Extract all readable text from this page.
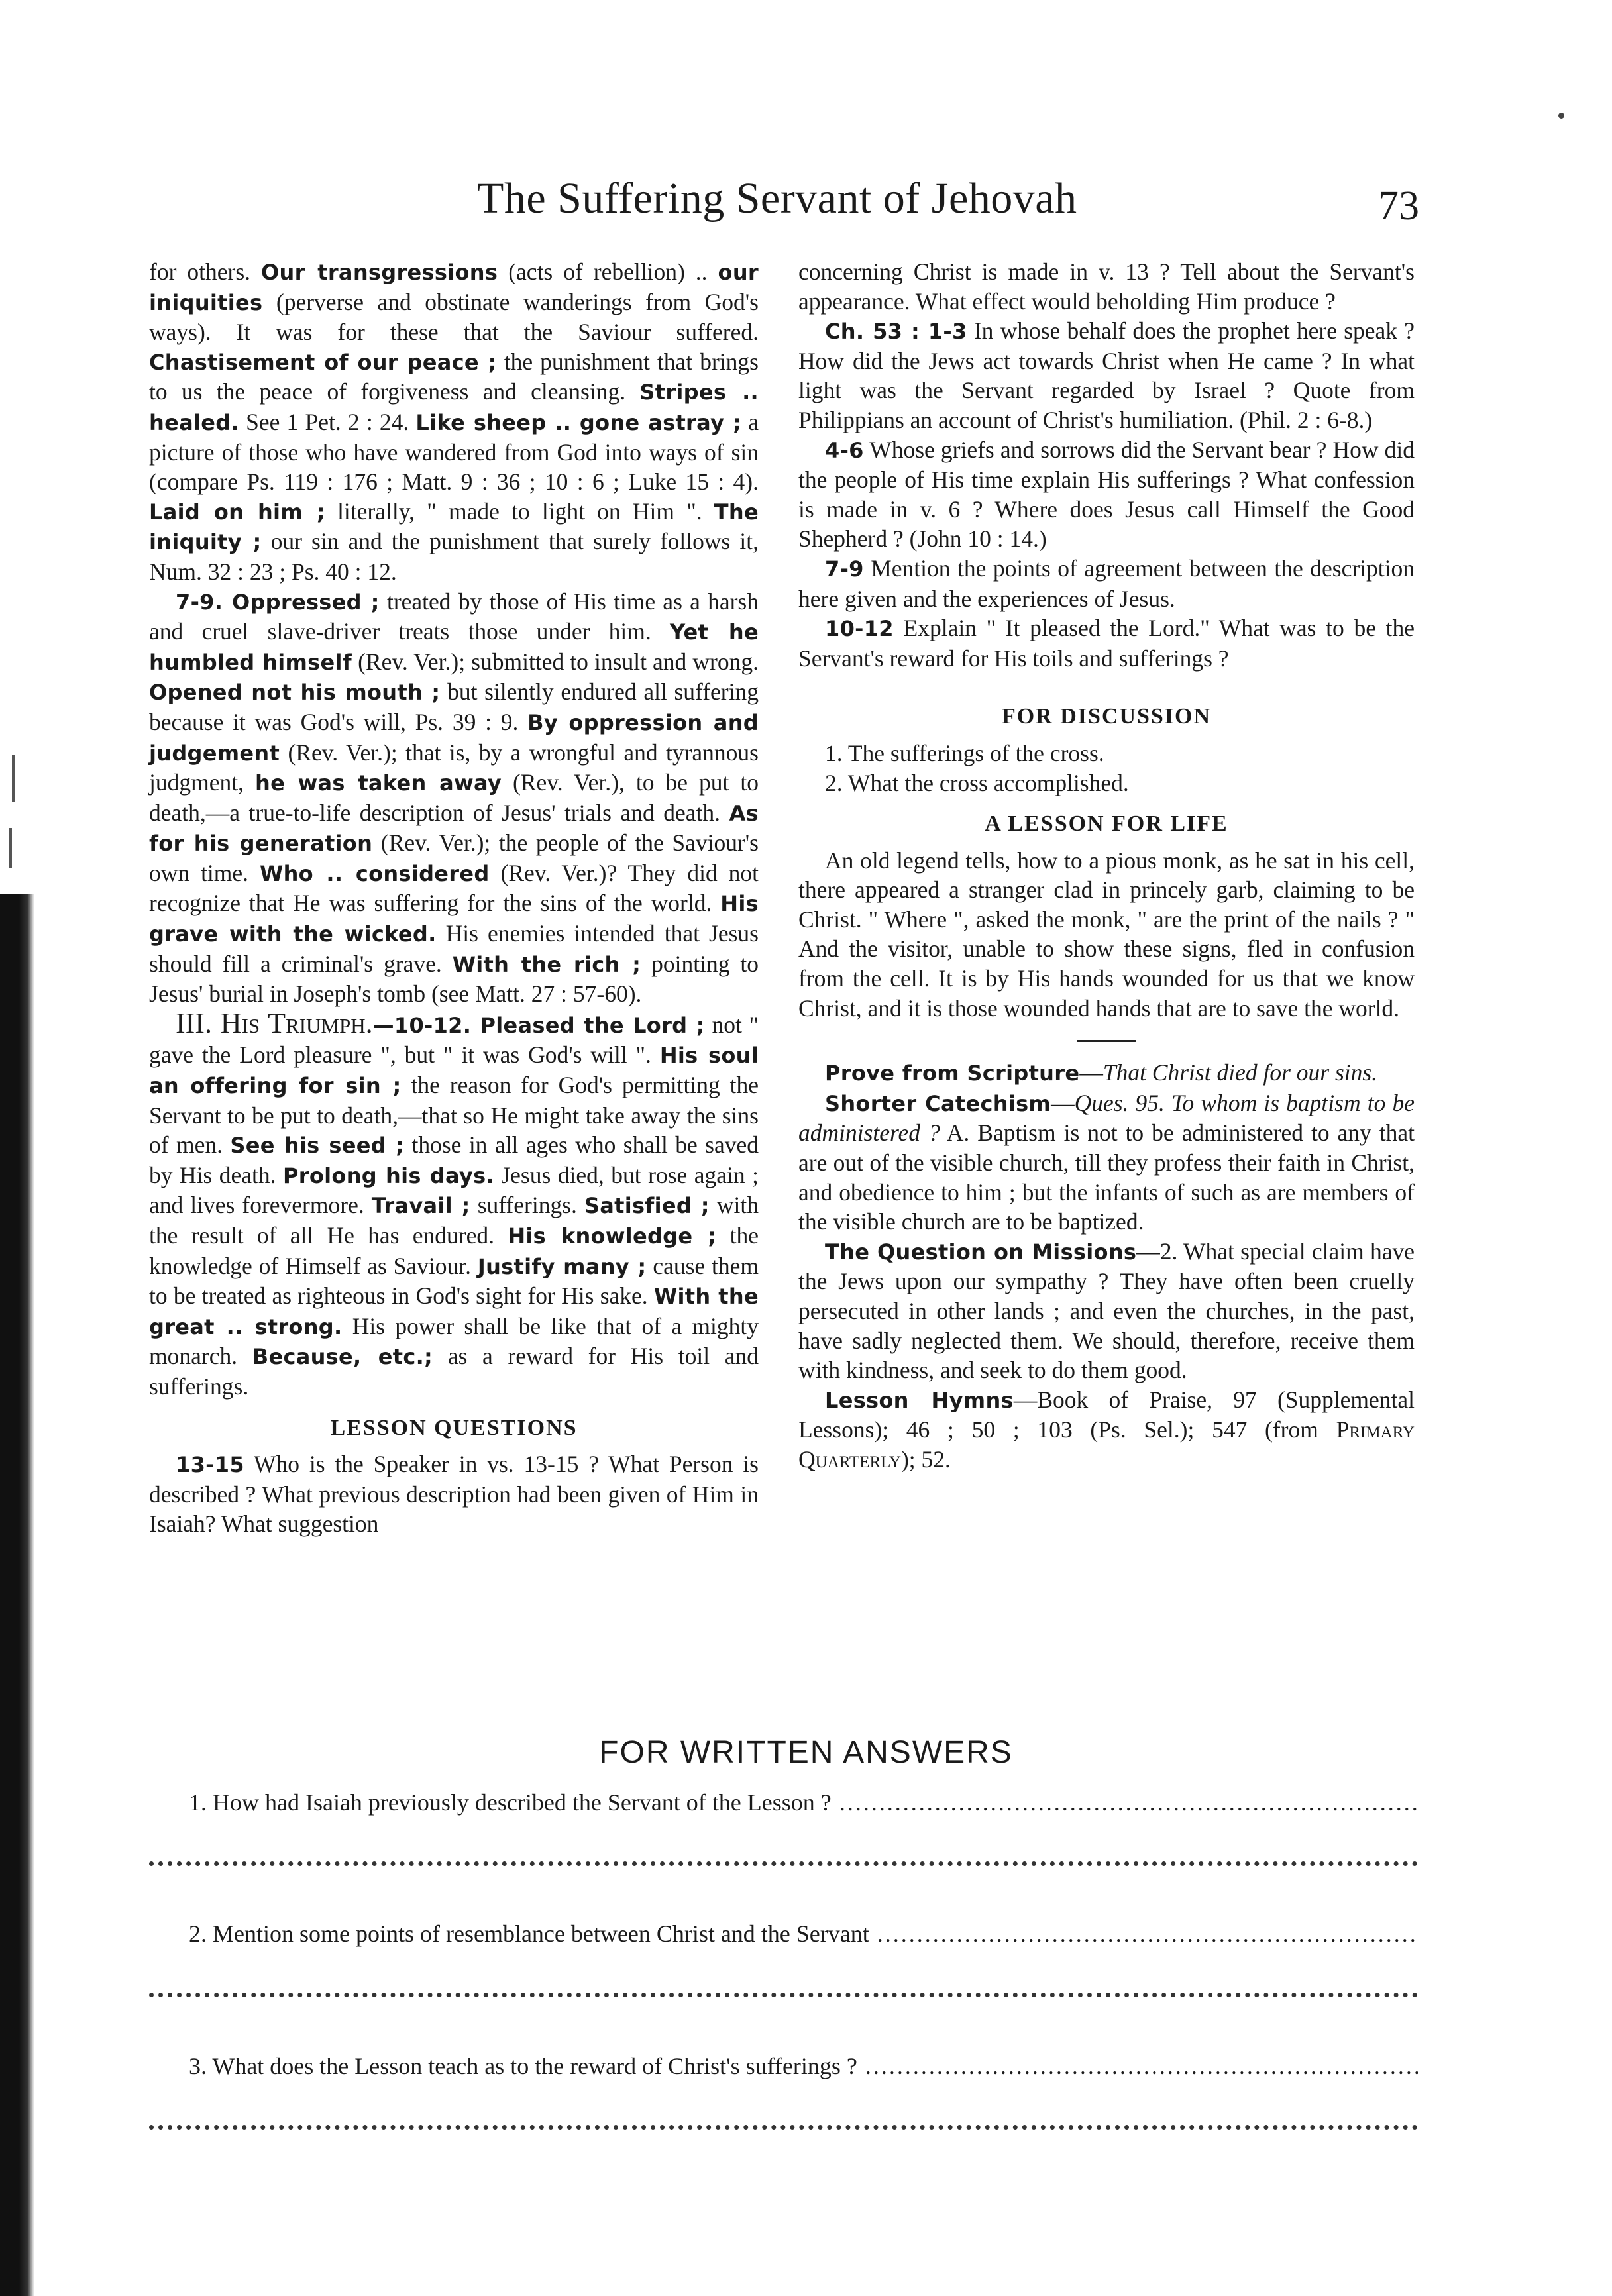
The Suffering Servant of Jehovah	73

for others. Our transgressions (acts of rebellion) .. our iniquities (perverse and obstinate wanderings from God's ways). It was for these that the Saviour suffered. Chastisement of our peace ; the punishment that brings to us the peace of forgiveness and cleansing. Stripes .. healed. See 1 Pet. 2 : 24. Like sheep .. gone astray ; a picture of those who have wandered from God into ways of sin (compare Ps. 119 : 176 ; Matt. 9 : 36 ; 10 : 6 ; Luke 15 : 4). Laid on him ; literally, " made to light on Him ". The iniquity ; our sin and the punishment that surely follows it, Num. 32 : 23 ; Ps. 40 : 12.

7-9. Oppressed ; treated by those of His time as a harsh and cruel slave-driver treats those under him. Yet he humbled himself (Rev. Ver.); submitted to insult and wrong. Opened not his mouth ; but silently endured all suffering because it was God's will, Ps. 39 : 9. By oppression and judgement (Rev. Ver.); that is, by a wrongful and tyrannous judgment, he was taken away (Rev. Ver.), to be put to death,—a true-to-life description of Jesus' trials and death. As for his generation (Rev. Ver.); the people of the Saviour's own time. Who .. considered (Rev. Ver.)? They did not recognize that He was suffering for the sins of the world. His grave with the wicked. His enemies intended that Jesus should fill a criminal's grave. With the rich ; pointing to Jesus' burial in Joseph's tomb (see Matt. 27 : 57-60).

III. His Triumph.—10-12. Pleased the Lord ; not " gave the Lord pleasure ", but " it was God's will ". His soul an offering for sin ; the reason for God's permitting the Servant to be put to death,—that so He might take away the sins of men. See his seed ; those in all ages who shall be saved by His death. Prolong his days. Jesus died, but rose again ; and lives forevermore. Travail ; sufferings. Satisfied ; with the result of all He has endured. His knowledge ; the knowledge of Himself as Saviour. Justify many ; cause them to be treated as righteous in God's sight for His sake. With the great .. strong. His power shall be like that of a mighty monarch. Because, etc.; as a reward for His toil and sufferings.

LESSON QUESTIONS

13-15 Who is the Speaker in vs. 13-15 ? What Person is described ? What previous description had been given of Him in Isaiah? What suggestion

concerning Christ is made in v. 13 ? Tell about the Servant's appearance. What effect would beholding Him produce ?

Ch. 53 : 1-3 In whose behalf does the prophet here speak ? How did the Jews act towards Christ when He came ? In what light was the Servant regarded by Israel ? Quote from Philippians an account of Christ's humiliation. (Phil. 2 : 6-8.)

4-6 Whose griefs and sorrows did the Servant bear ? How did the people of His time explain His sufferings ? What confession is made in v. 6 ? Where does Jesus call Himself the Good Shepherd ? (John 10 : 14.)

7-9 Mention the points of agreement between the description here given and the experiences of Jesus.

10-12 Explain " It pleased the Lord." What was to be the Servant's reward for His toils and sufferings ?

FOR DISCUSSION

1. The sufferings of the cross.

2. What the cross accomplished.

A LESSON FOR LIFE

An old legend tells, how to a pious monk, as he sat in his cell, there appeared a stranger clad in princely garb, claiming to be Christ. " Where ", asked the monk, " are the print of the nails ? " And the visitor, unable to show these signs, fled in confusion from the cell. It is by His hands wounded for us that we know Christ, and it is those wounded hands that are to save the world.

Prove from Scripture—That Christ died for our sins.

Shorter Catechism—Ques. 95. To whom is baptism to be administered ? A. Baptism is not to be administered to any that are out of the visible church, till they profess their faith in Christ, and obedience to him ; but the infants of such as are members of the visible church are to be baptized.

The Question on Missions—2. What special claim have the Jews upon our sympathy ? They have often been cruelly persecuted in other lands ; and even the churches, in the past, have sadly neglected them. We should, therefore, receive them with kindness, and seek to do them good.

Lesson Hymns—Book of Praise, 97 (Supplemental Lessons); 46 ; 50 ; 103 (Ps. Sel.); 547 (from Primary Quarterly); 52.

FOR WRITTEN ANSWERS
1. How had Isaiah previously described the Servant of the Lesson ? .....
2. Mention some points of resemblance between Christ and the Servant .....
3. What does the Lesson teach as to the reward of Christ's sufferings ? .....
